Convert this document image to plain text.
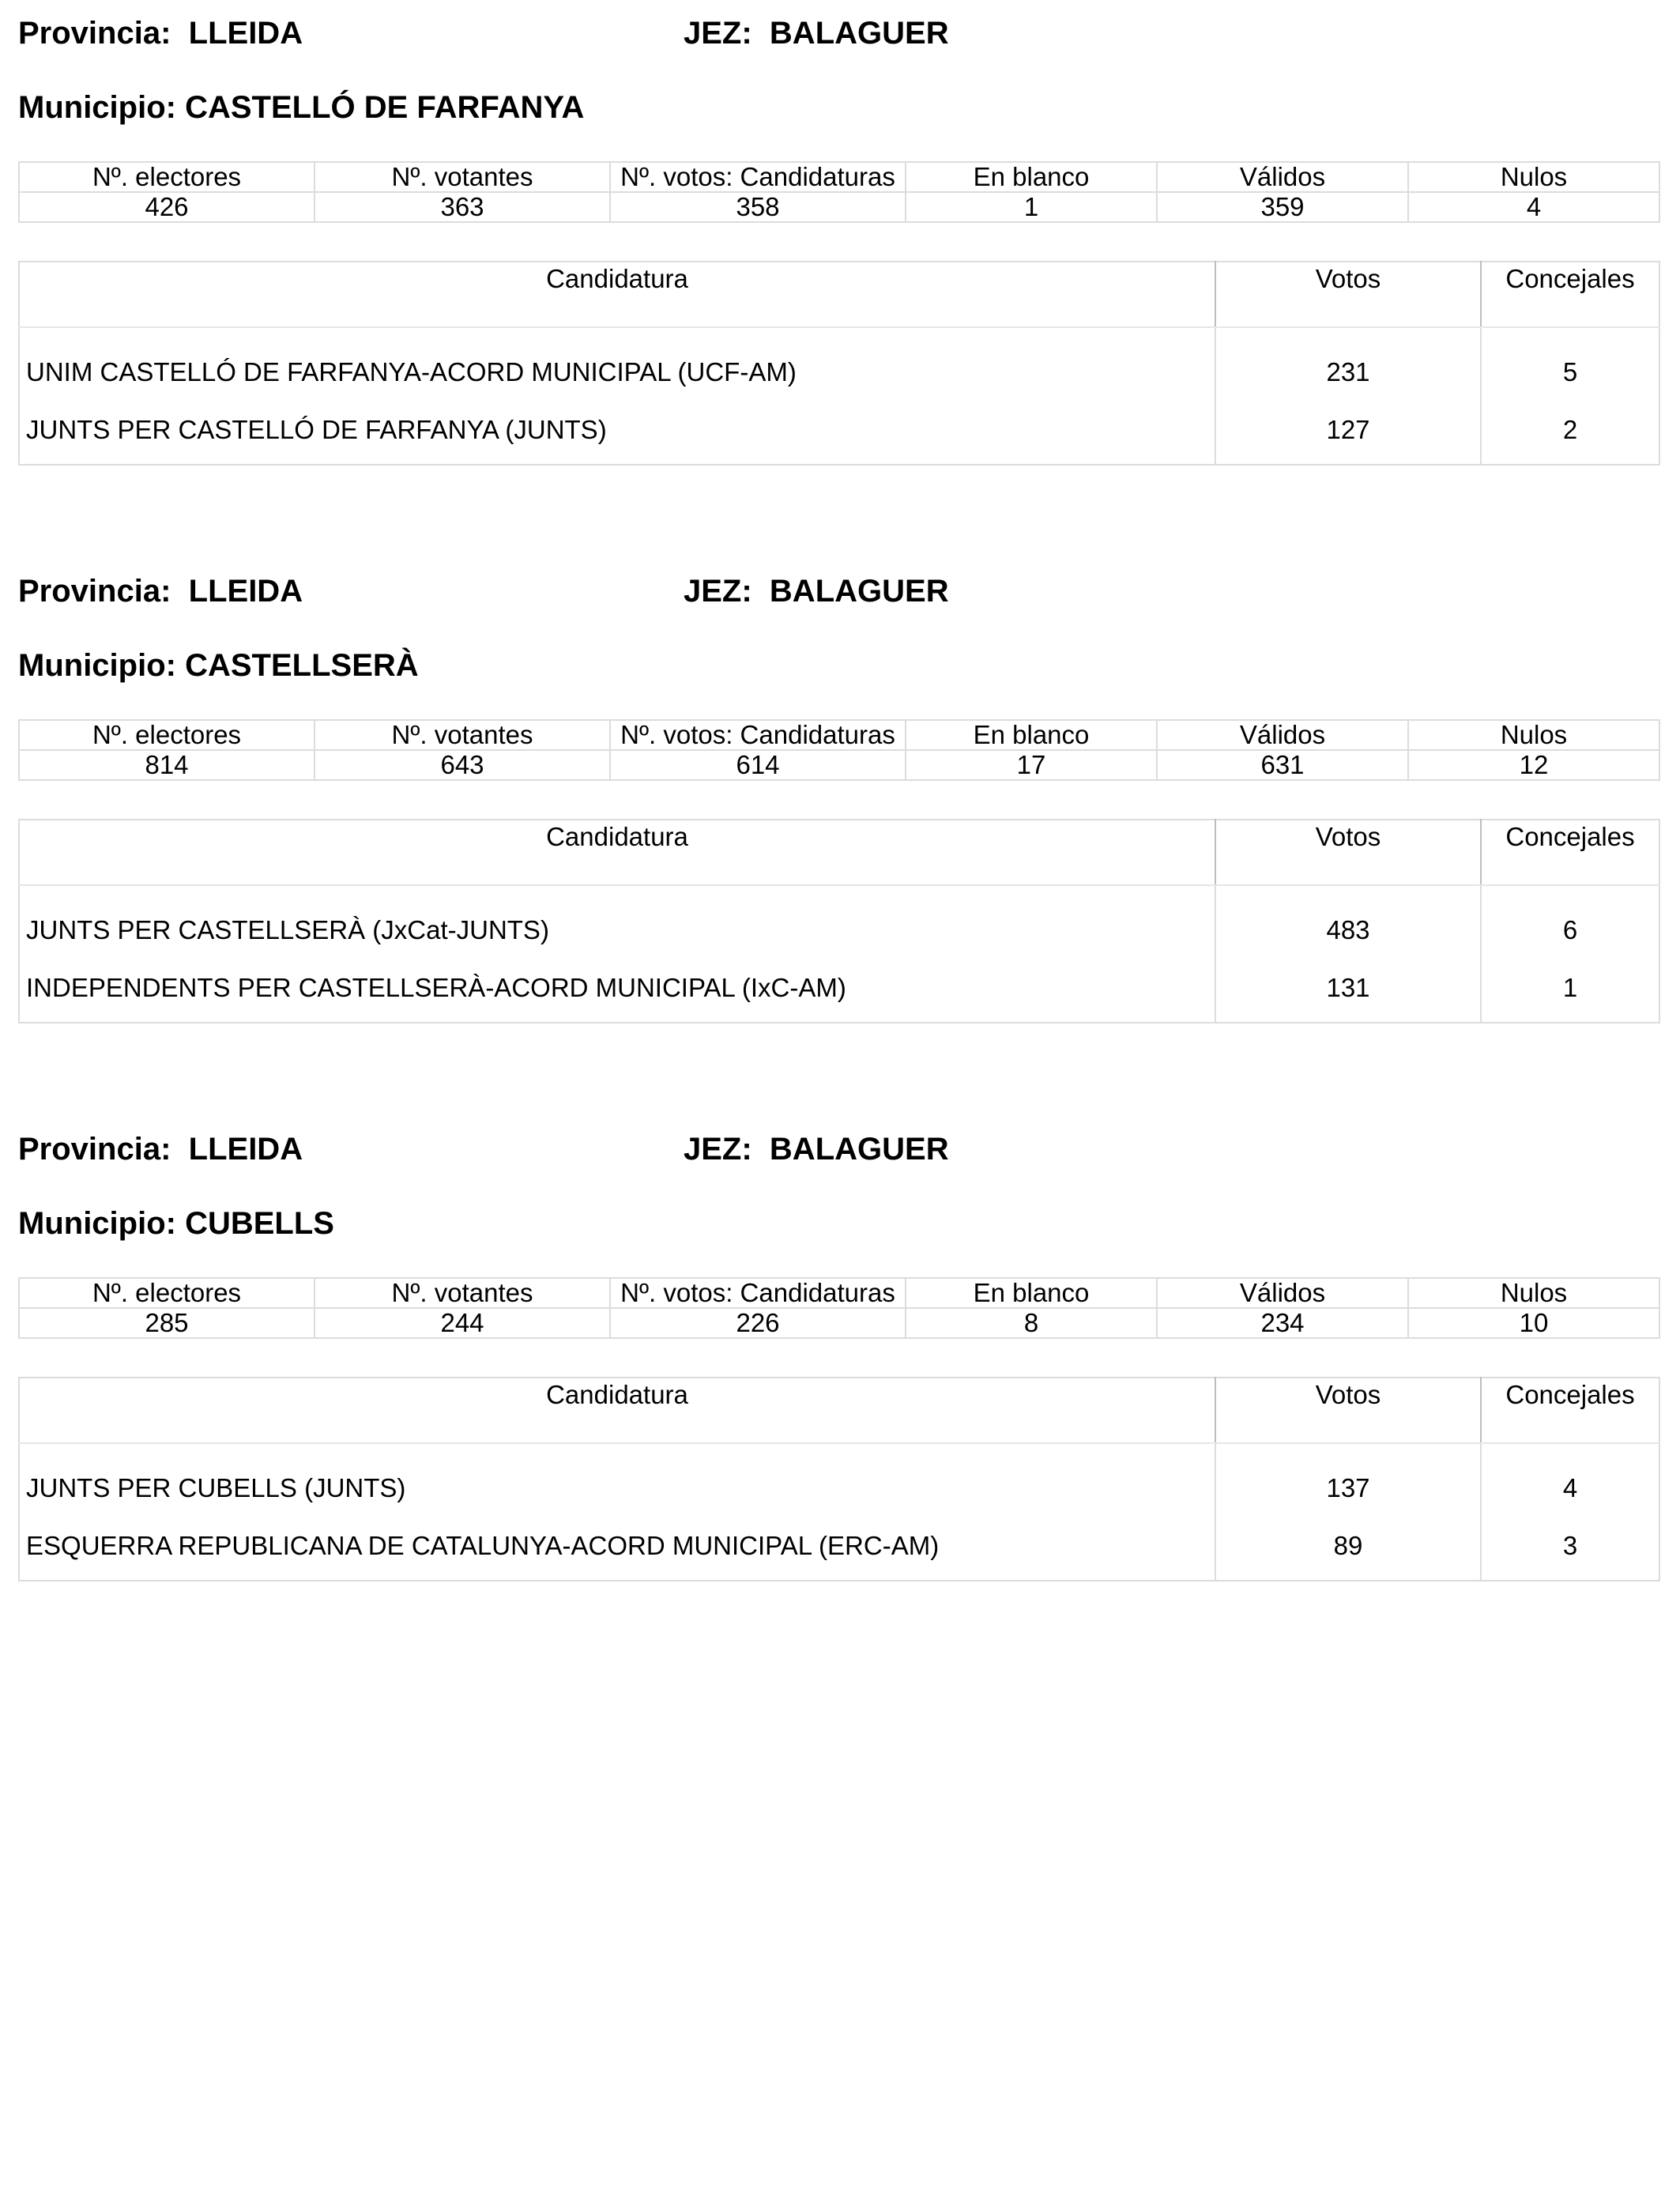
Provincia: LLEIDA	JEZ: BALAGUER
Municipio: CASTELLÓ DE FARFANYA
Nº. electores	Nº. votantes	Nº. votos: Candidaturas	En blanco	Válidos	Nulos
426	363	358	1	359	4
Candidatura	Votos	Concejales
UNIM CASTELLÓ DE FARFANYA-ACORD MUNICIPAL (UCF-AM)	231	5
JUNTS PER CASTELLÓ DE FARFANYA (JUNTS)	127	2
Provincia: LLEIDA	JEZ: BALAGUER
Municipio: CASTELLSERÀ
Nº. electores	Nº. votantes	Nº. votos: Candidaturas	En blanco	Válidos	Nulos
814	643	614	17	631	12
Candidatura	Votos	Concejales
JUNTS PER CASTELLSERÀ (JxCat-JUNTS)	483	6
INDEPENDENTS PER CASTELLSERÀ-ACORD MUNICIPAL (IxC-AM)	131	1
Provincia: LLEIDA	JEZ: BALAGUER
Municipio: CUBELLS
Nº. electores	Nº. votantes	Nº. votos: Candidaturas	En blanco	Válidos	Nulos
285	244	226	8	234	10
Candidatura	Votos	Concejales
JUNTS PER CUBELLS (JUNTS)	137	4
ESQUERRA REPUBLICANA DE CATALUNYA-ACORD MUNICIPAL (ERC-AM)	89	3
